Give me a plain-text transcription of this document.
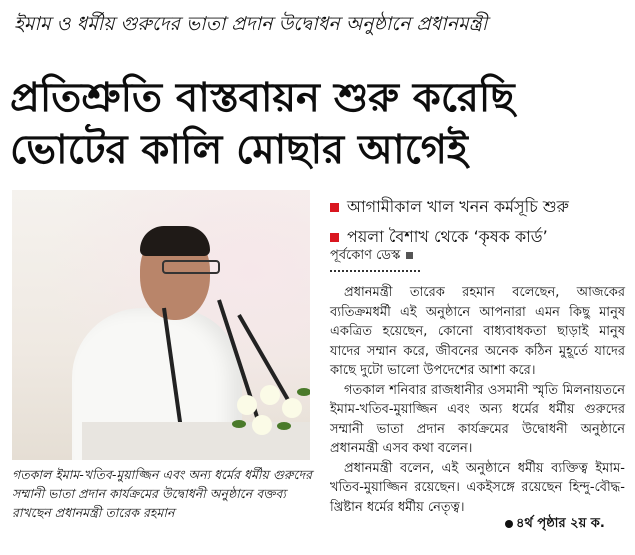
ইমাম ও ধর্মীয় গুরুদের ভাতা প্রদান উদ্বোধন অনুষ্ঠানে প্রধানমন্ত্রী
প্রতিশ্রুতি বাস্তবায়ন শুরু করেছি
ভোটের কালি মোছার আগেই
গতকাল ইমাম-খতিব-মুয়াজ্জিন এবং অন্য ধর্মের ধর্মীয় গুরুদের সম্মানী ভাতা প্রদান কার্যক্রমের উদ্বোধনী অনুষ্ঠানে বক্তব্য রাখছেন প্রধানমন্ত্রী তারেক রহমান
আগামীকাল খাল খনন কর্মসূচি শুরু
পয়লা বৈশাখ থেকে ‘কৃষক কার্ড’
পূর্বকোণ ডেস্ক

প্রধানমন্ত্রী তারেক রহমান বলেছেন, আজকের ব্যতিক্রমধর্মী এই অনুষ্ঠানে আপনারা এমন কিছু মানুষ একত্রিত হয়েছেন, কোনো বাধ্যবাধকতা ছাড়াই মানুষ যাদের সম্মান করে, জীবনের অনেক কঠিন মুহূর্তে যাদের কাছে দুটো ভালো উপদেশের আশা করে।

গতকাল শনিবার রাজধানীর ওসমানী স্মৃতি মিলনায়তনে ইমাম-খতিব-মুয়াজ্জিন এবং অন্য ধর্মের ধর্মীয় গুরুদের সম্মানী ভাতা প্রদান কার্যক্রমের উদ্বোধনী অনুষ্ঠানে প্রধানমন্ত্রী এসব কথা বলেন।

প্রধানমন্ত্রী বলেন, এই অনুষ্ঠানে ধর্মীয় ব্যক্তিত্ব ইমাম-খতিব-মুয়াজ্জিন রয়েছেন। একইসঙ্গে রয়েছেন হিন্দু-বৌদ্ধ-খ্রিষ্টান ধর্মের ধর্মীয় নেতৃত্ব।

৪র্থ পৃষ্ঠার ২য় ক.
